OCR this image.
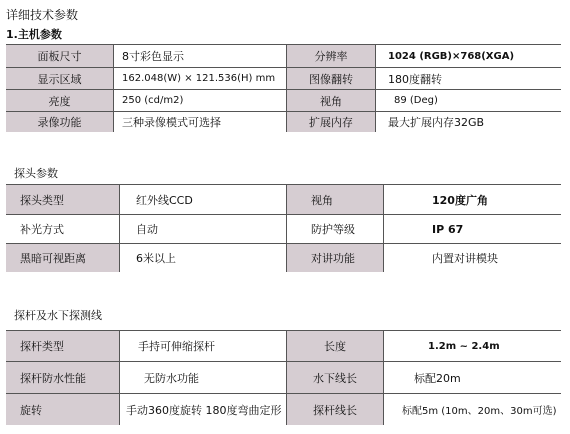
详细技术参数
1.主机参数
面板尺寸	8寸彩色显示	分辨率	1024 (RGB)×768(XGA)
显示区域	162.048(W) × 121.536(H) mm	图像翻转	180度翻转
亮度	250 (cd/m2)	视角	89 (Deg)
录像功能	三种录像模式可选择	扩展内存	最大扩展内存32GB
探头参数
探头类型	红外线CCD	视角	120度广角
补光方式	自动	防护等级	IP 67
黑暗可视距离	6米以上	对讲功能	内置对讲模块
探杆及水下探测线
探杆类型	手持可伸缩探杆	长度	1.2m ~ 2.4m
探杆防水性能	无防水功能	水下线长	标配20m
旋转	手动360度旋转 180度弯曲定形	探杆线长	标配5m (10m、20m、30m可选)
